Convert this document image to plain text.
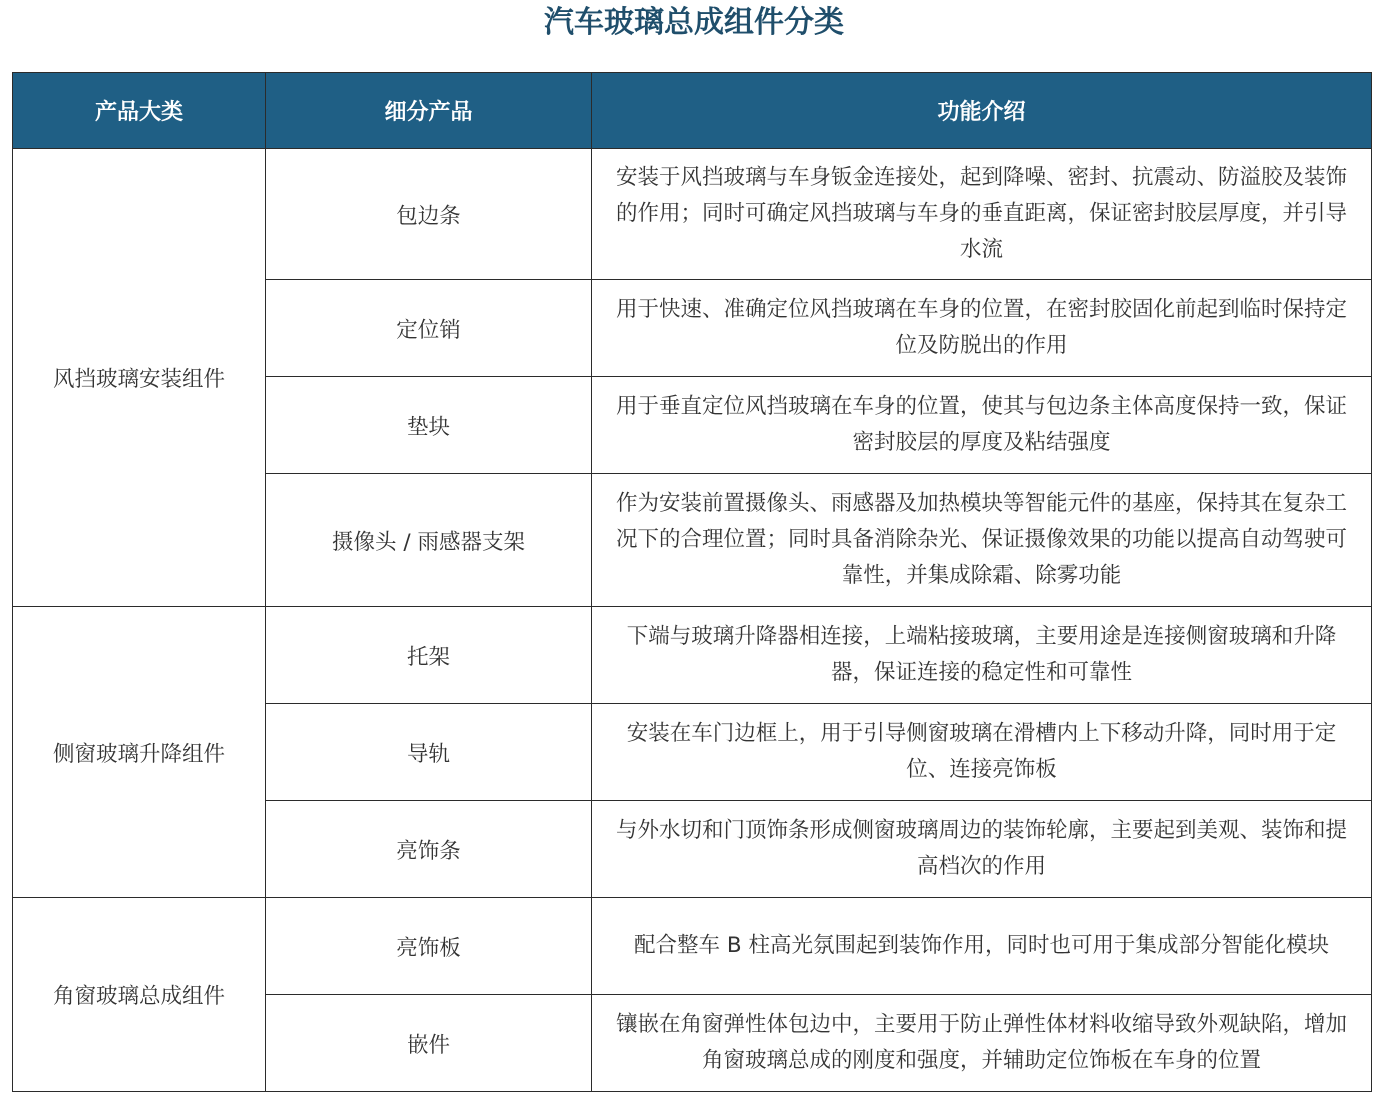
汽车玻璃总成组件分类
产品大类	细分产品	功能介绍
风挡玻璃安装组件	包边条	安装于风挡玻璃与车身钣金连接处，起到降噪、密封、抗震动、防溢胶及装饰的作用；同时可确定风挡玻璃与车身的垂直距离，保证密封胶层厚度，并引导水流
	定位销	用于快速、准确定位风挡玻璃在车身的位置，在密封胶固化前起到临时保持定位及防脱出的作用
	垫块	用于垂直定位风挡玻璃在车身的位置，使其与包边条主体高度保持一致，保证密封胶层的厚度及粘结强度
	摄像头 / 雨感器支架	作为安装前置摄像头、雨感器及加热模块等智能元件的基座，保持其在复杂工况下的合理位置；同时具备消除杂光、保证摄像效果的功能以提高自动驾驶可靠性，并集成除霜、除雾功能
侧窗玻璃升降组件	托架	下端与玻璃升降器相连接，上端粘接玻璃，主要用途是连接侧窗玻璃和升降器，保证连接的稳定性和可靠性
	导轨	安装在车门边框上，用于引导侧窗玻璃在滑槽内上下移动升降，同时用于定位、连接亮饰板
	亮饰条	与外水切和门顶饰条形成侧窗玻璃周边的装饰轮廓，主要起到美观、装饰和提高档次的作用
角窗玻璃总成组件	亮饰板	配合整车 B 柱高光氛围起到装饰作用，同时也可用于集成部分智能化模块
	嵌件	镶嵌在角窗弹性体包边中，主要用于防止弹性体材料收缩导致外观缺陷，增加角窗玻璃总成的刚度和强度，并辅助定位饰板在车身的位置
